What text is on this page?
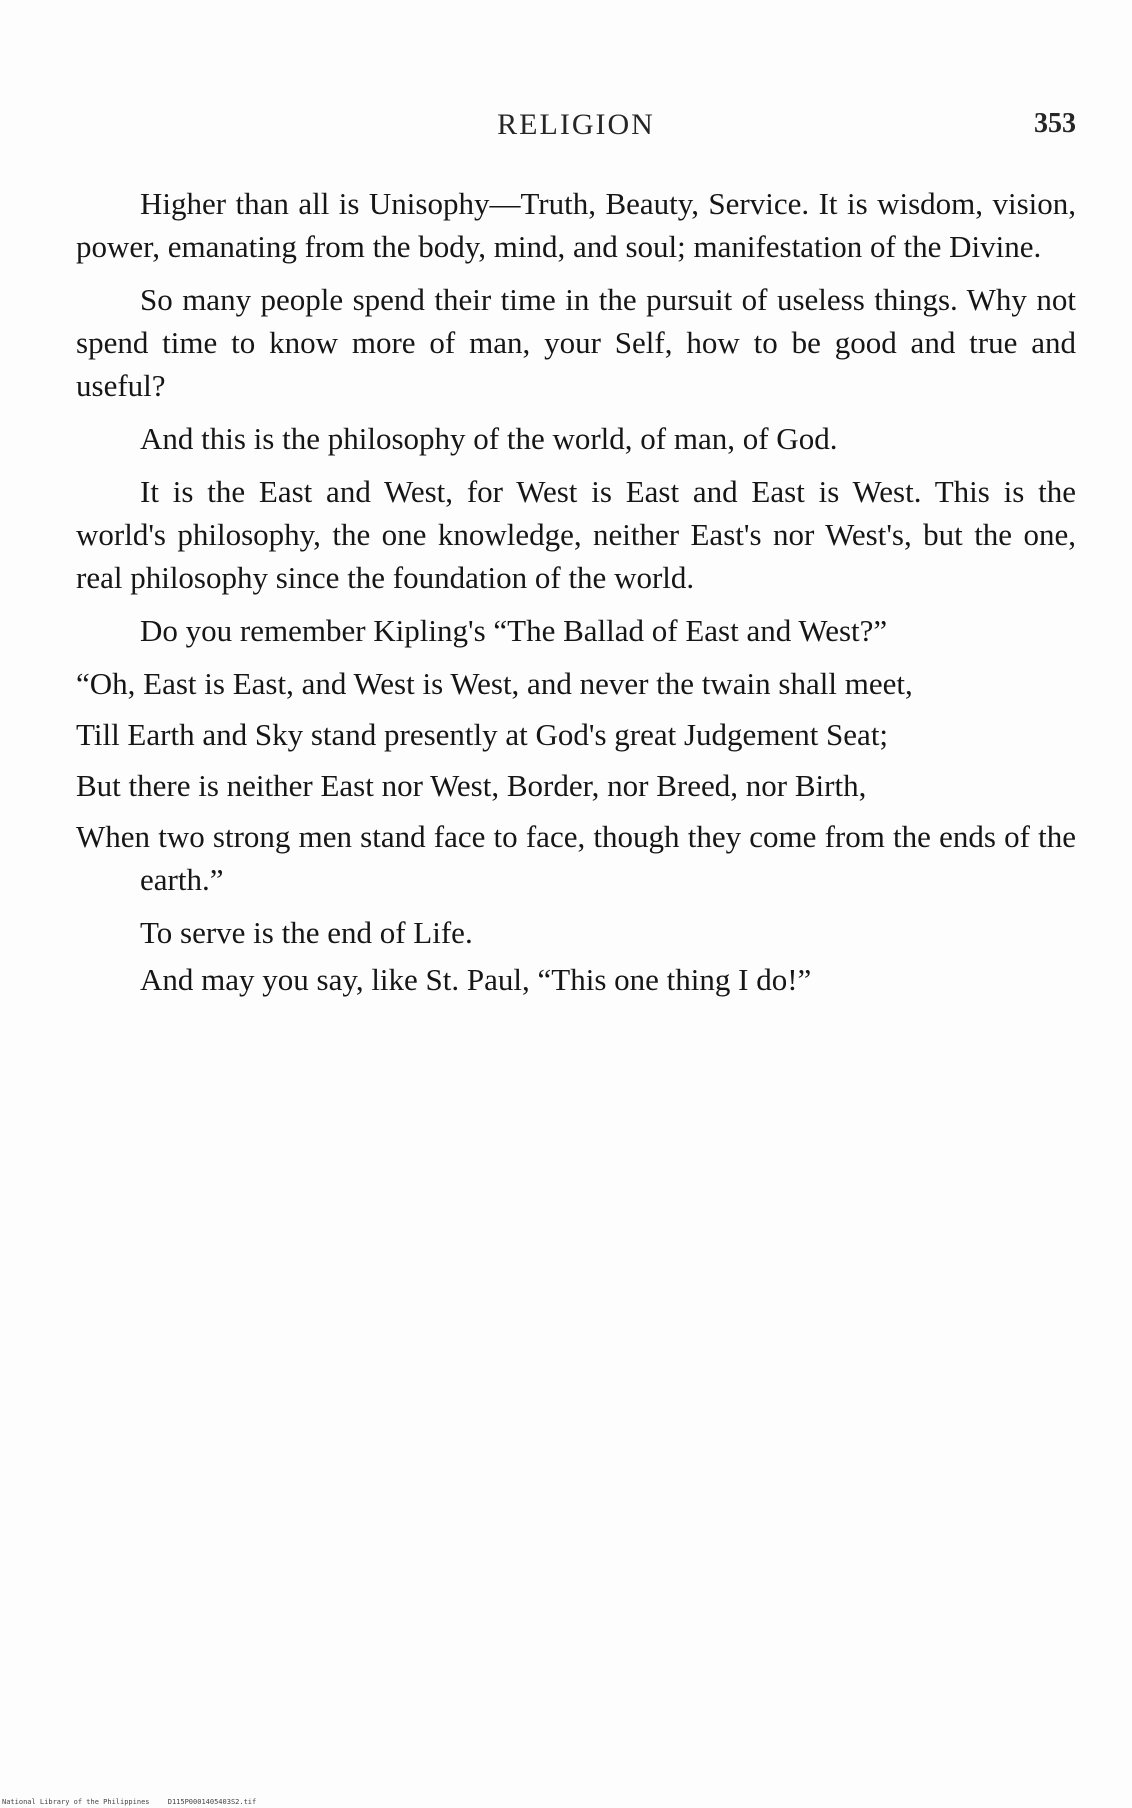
RELIGION	353

Higher than all is Unisophy—Truth, Beauty, Service. It is wisdom, vision, power, emanating from the body, mind, and soul; manifestation of the Divine.

So many people spend their time in the pursuit of useless things. Why not spend time to know more of man, your Self, how to be good and true and useful?

And this is the philosophy of the world, of man, of God.

It is the East and West, for West is East and East is West. This is the world's philosophy, the one knowledge, neither East's nor West's, but the one, real philosophy since the foundation of the world.

Do you remember Kipling's “The Ballad of East and West?”

“Oh, East is East, and West is West, and never the twain shall meet,

Till Earth and Sky stand presently at God's great Judgement Seat;

But there is neither East nor West, Border, nor Breed, nor Birth,

When two strong men stand face to face, though they come from the ends of the earth.”

To serve is the end of Life.

And may you say, like St. Paul, “This one thing I do!”

National Library of the Philippines	D115P0001405403S2.tif
